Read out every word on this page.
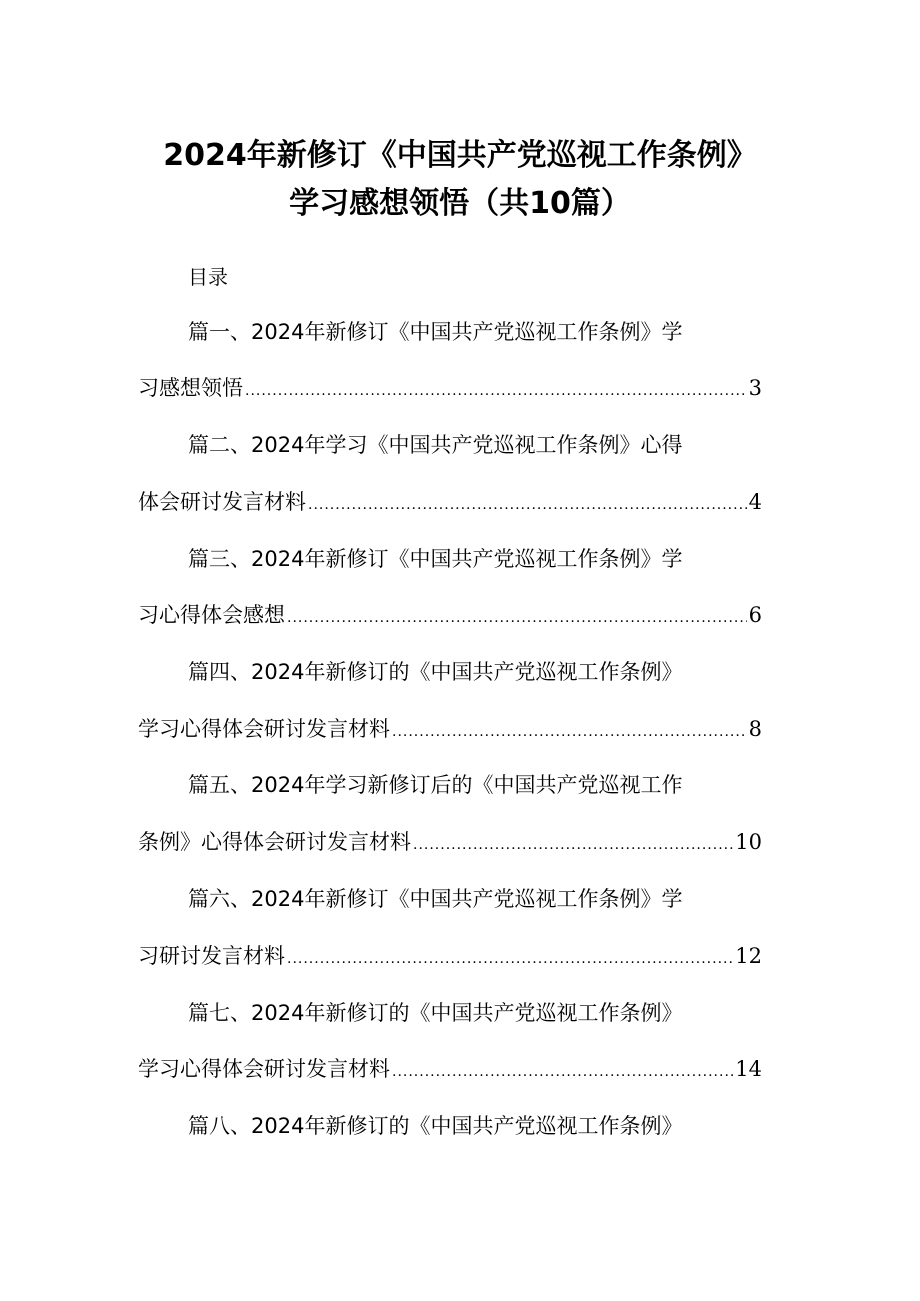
2024年新修订《中国共产党巡视工作条例》
学习感想领悟（共10篇）
目录
篇一、2024年新修订《中国共产党巡视工作条例》学
习感想领悟 .....	3
篇二、2024年学习《中国共产党巡视工作条例》心得
体会研讨发言材料 .....	4
篇三、2024年新修订《中国共产党巡视工作条例》学
习心得体会感想 .....	6
篇四、2024年新修订的《中国共产党巡视工作条例》
学习心得体会研讨发言材料 .....	8
篇五、2024年学习新修订后的《中国共产党巡视工作
条例》心得体会研讨发言材料 .....	10
篇六、2024年新修订《中国共产党巡视工作条例》学
习研讨发言材料 .....	12
篇七、2024年新修订的《中国共产党巡视工作条例》
学习心得体会研讨发言材料 .....	14
篇八、2024年新修订的《中国共产党巡视工作条例》
